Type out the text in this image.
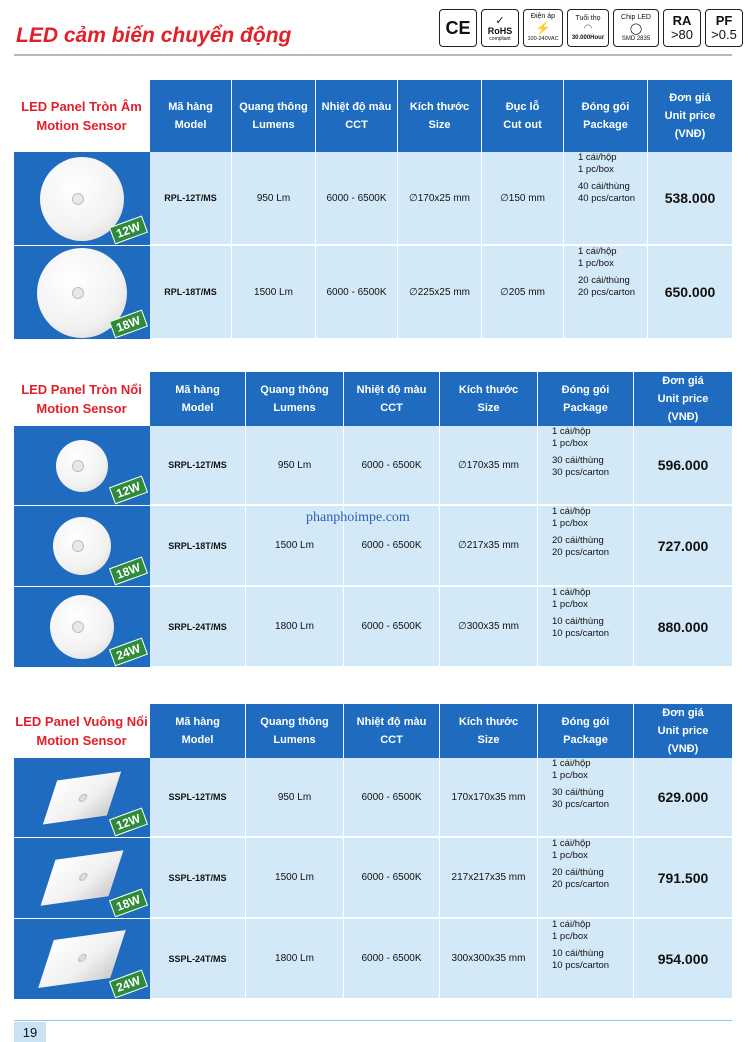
LED cảm biến chuyển động	CE ✓
RoHS
compliant
Điện áp
⚡
100-240VAC
Tuổi thọ
◠
30.000Hour
Chip LED
◯
SMD 2835
RA
>80
PF
>0.5
LED Panel Tròn Âm
Motion Sensor
Mã hàng
Model
Quang thông
Lumens
Nhiệt độ màu
CCT
Kích thước
Size
Đục lỗ
Cut out
Đóng gói
Package
Đơn giá
Unit price
(VNĐ)
12W
RPL-12T/MS	950 Lm	6000 - 6500K	∅170x25 mm	∅150 mm
1 cái/hộp
1 pc/box
40 cái/thùng
40 pcs/carton	538.000
18W
RPL-18T/MS	1500 Lm	6000 - 6500K	∅225x25 mm	∅205 mm
1 cái/hộp
1 pc/box
20 cái/thùng
20 pcs/carton	650.000
LED Panel Tròn Nổi
Motion Sensor
Mã hàng
Model
Quang thông
Lumens
Nhiệt độ màu
CCT
Kích thước
Size
Đóng gói
Package
Đơn giá
Unit price
(VNĐ)
12W
SRPL-12T/MS	950 Lm	6000 - 6500K	∅170x35 mm
1 cái/hộp
1 pc/box
30 cái/thùng
30 pcs/carton	596.000
18W
SRPL-18T/MS	1500 Lm	6000 - 6500K	∅217x35 mm
1 cái/hộp
1 pc/box
20 cái/thùng
20 pcs/carton	727.000
24W
SRPL-24T/MS	1800 Lm	6000 - 6500K	∅300x35 mm
1 cái/hộp
1 pc/box
10 cái/thùng
10 pcs/carton	880.000
phanphoimpe.com
LED Panel Vuông Nổi
Motion Sensor
Mã hàng
Model
Quang thông
Lumens
Nhiệt độ màu
CCT
Kích thước
Size
Đóng gói
Package
Đơn giá
Unit price
(VNĐ)
12W
SSPL-12T/MS	950 Lm	6000 - 6500K	170x170x35 mm
1 cái/hộp
1 pc/box
30 cái/thùng
30 pcs/carton	629.000
18W
SSPL-18T/MS	1500 Lm	6000 - 6500K	217x217x35 mm
1 cái/hộp
1 pc/box
20 cái/thùng
20 pcs/carton	791.500
24W
SSPL-24T/MS	1800 Lm	6000 - 6500K	300x300x35 mm
1 cái/hộp
1 pc/box
10 cái/thùng
10 pcs/carton	954.000
19
